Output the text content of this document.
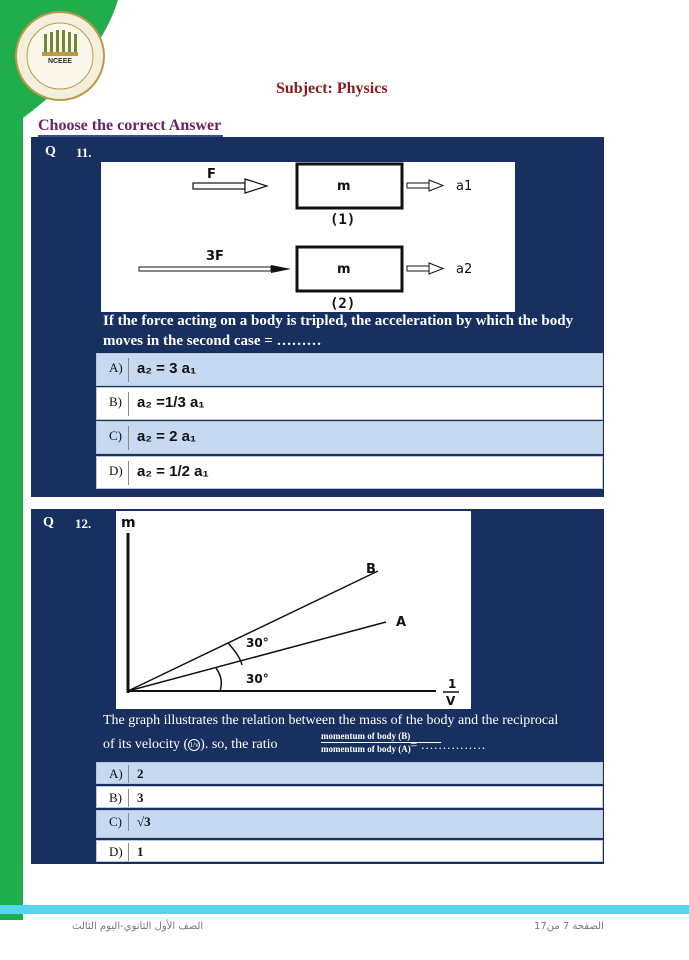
NCEEE
Subject: Physics
Choose the correct Answer
Q 11.
F
m
(1)
a1
3F
m
(2)
a2
If the force acting on a body is tripled, the acceleration by which the body moves in the second case = ………
A) a₂ = 3 a₁
B) a₂ =1/3 a₁
C) a₂ = 2 a₁
D) a₂ = 1/2 a₁
Q 12. m
B
A
30°
30°	1
V
The graph illustrates the relation between the mass of the body and the reciprocal
of its velocity ( 1/v ). so, the ratio
momentum of body (B)
momentum of body (A) = ……………
A) 2
B) 3
C) √3
D) 1
الصف الأول الثانوي-اليوم الثالث	الصفحة 7 من17
